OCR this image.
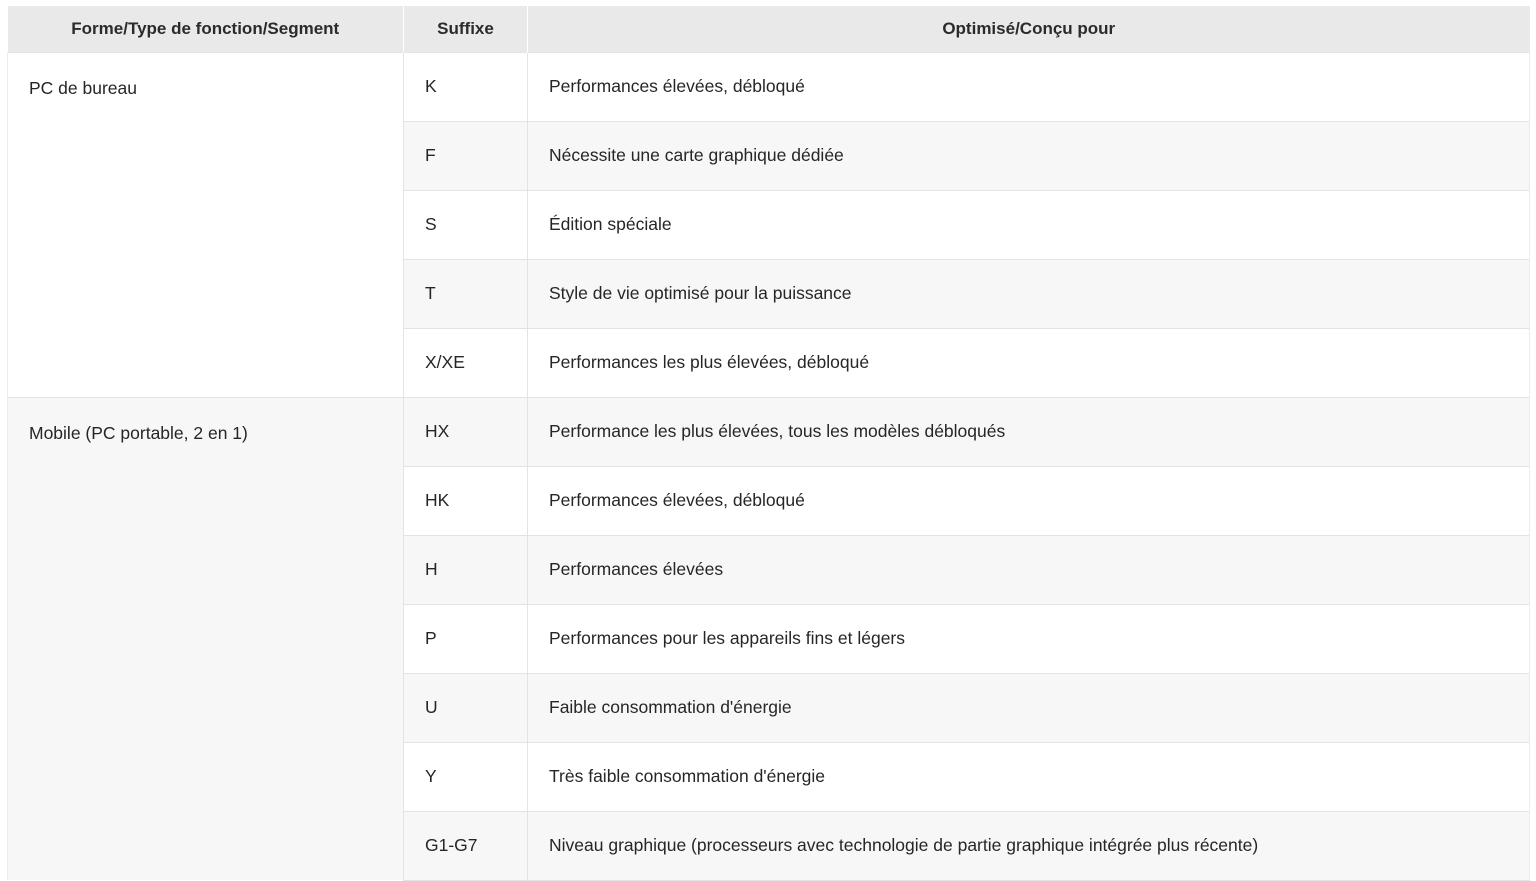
Forme/Type de fonction/Segment	Suffixe	Optimisé/Conçu pour
PC de bureau	K	Performances élevées, débloqué
	F	Nécessite une carte graphique dédiée
	S	Édition spéciale
	T	Style de vie optimisé pour la puissance
	X/XE	Performances les plus élevées, débloqué
Mobile (PC portable, 2 en 1)	HX	Performance les plus élevées, tous les modèles débloqués
	HK	Performances élevées, débloqué
	H	Performances élevées
	P	Performances pour les appareils fins et légers
	U	Faible consommation d'énergie
	Y	Très faible consommation d'énergie
	G1-G7	Niveau graphique (processeurs avec technologie de partie graphique intégrée plus récente)
